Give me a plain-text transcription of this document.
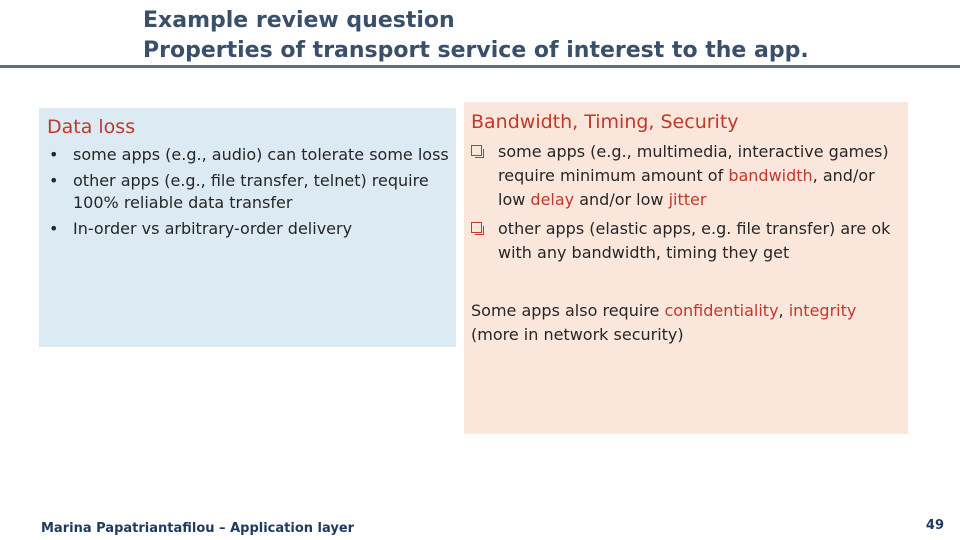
Example review question
Properties of transport service of interest to the app.
Data loss
• some apps (e.g., audio) can tolerate some loss
• other apps (e.g., file transfer, telnet) require 100% reliable data transfer
• In-order vs arbitrary-order delivery
Bandwidth, Timing, Security
some apps (e.g., multimedia, interactive games) require minimum amount of bandwidth, and/or low delay and/or low jitter
other apps (elastic apps, e.g. file transfer) are ok with any bandwidth, timing they get
Some apps also require confidentiality, integrity (more in network security)
Marina Papatriantafilou – Application layer	49
